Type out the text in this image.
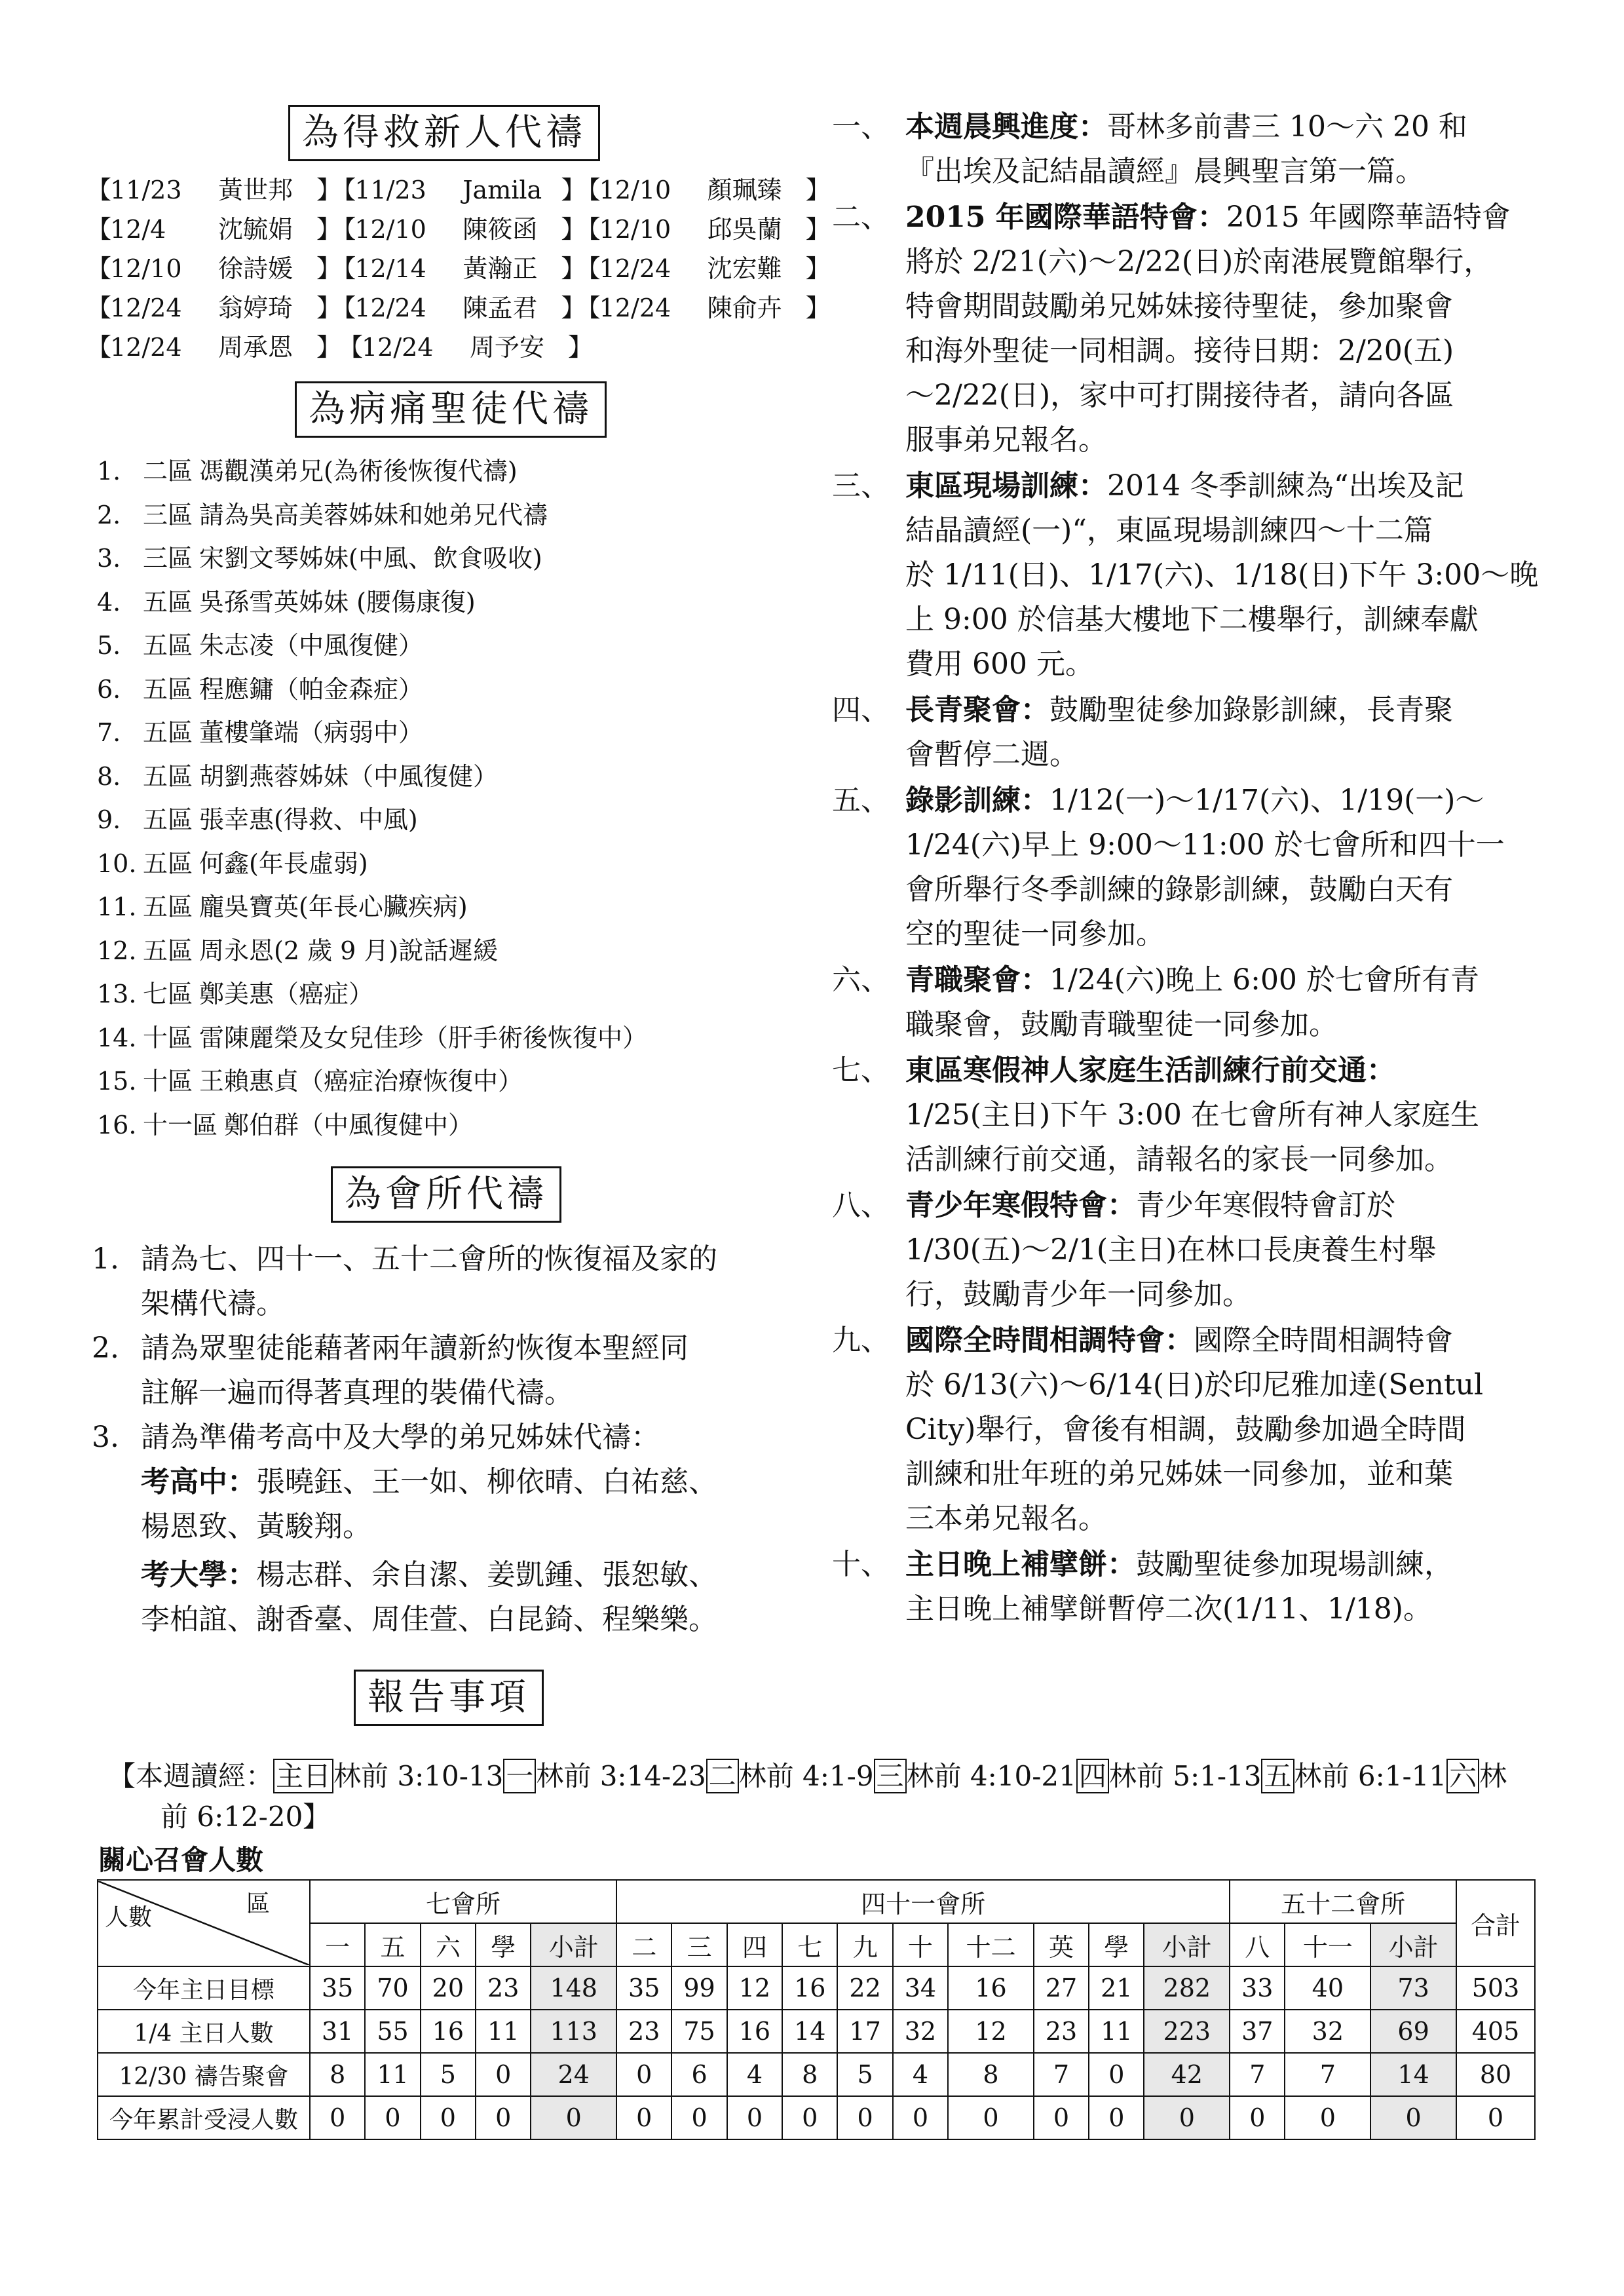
為得救新人代禱
【 11/23	黃世邦 】	【 11/23	Jamila 】	【 12/10	顏珮臻 】
【 12/4	沈毓娟 】	【 12/10	陳筱函 】	【 12/10	邱吳蘭 】
【 12/10	徐詩媛 】	【 12/14	黃瀚正 】	【 12/24	沈宏難 】
【 12/24	翁婷琦 】	【 12/24	陳孟君 】	【 12/24	陳俞卉 】
【 12/24	周承恩 】	【 12/24	周予安 】
為病痛聖徒代禱
1. 二區 馮觀漢弟兄(為術後恢復代禱)
2. 三區 請為吳高美蓉姊妹和她弟兄代禱
3. 三區 宋劉文琴姊妹(中風、飲食吸收)
4. 五區 吳孫雪英姊妹 (腰傷康復)
5. 五區 朱志凌（中風復健）
6. 五區 程應鏞（帕金森症）
7. 五區 董樓肇端（病弱中）
8. 五區 胡劉燕蓉姊妹（中風復健）
9. 五區 張幸惠(得救、中風)
10. 五區 何鑫(年長虛弱)
11. 五區 龐吳寶英(年長心臟疾病)
12. 五區 周永恩(2 歲 9 月)說話遲緩
13. 七區 鄭美惠（癌症）
14. 十區 雷陳麗榮及女兒佳珍（肝手術後恢復中）
15. 十區 王賴惠貞（癌症治療恢復中）
16. 十一區 鄭伯群（中風復健中）
為會所代禱
1. 請為七、四十一、五十二會所的恢復福及家的
架構代禱。
2. 請為眾聖徒能藉著兩年讀新約恢復本聖經同
註解一遍而得著真理的裝備代禱。
3. 請為準備考高中及大學的弟兄姊妹代禱：
考高中：張曉鈺、王一如、柳依晴、白祐慈、
楊恩致、黃駿翔。
考大學：楊志群、余自潔、姜凱鍾、張恕敏、
李柏誼、謝香臺、周佳萱、白昆錡、程樂樂。
報告事項
一、 本週晨興進度：哥林多前書三 10～六 20 和
『出埃及記結晶讀經』晨興聖言第一篇。
二、 2015 年國際華語特會：2015 年國際華語特會
將於 2/21(六)～2/22(日)於南港展覽館舉行，
特會期間鼓勵弟兄姊妹接待聖徒，參加聚會
和海外聖徒一同相調。接待日期：2/20(五)
～2/22(日)，家中可打開接待者，請向各區
服事弟兄報名。
三、 東區現場訓練：2014 冬季訓練為“出埃及記
結晶讀經(一)“，東區現場訓練四～十二篇
於 1/11(日)、1/17(六)、1/18(日)下午 3:00～晚
上 9:00 於信基大樓地下二樓舉行，訓練奉獻
費用 600 元。
四、 長青聚會：鼓勵聖徒參加錄影訓練，長青聚
會暫停二週。
五、 錄影訓練：1/12(一)～1/17(六)、1/19(一)～
1/24(六)早上 9:00～11:00 於七會所和四十一
會所舉行冬季訓練的錄影訓練，鼓勵白天有
空的聖徒一同參加。
六、 青職聚會：1/24(六)晚上 6:00 於七會所有青
職聚會，鼓勵青職聖徒一同參加。
七、 東區寒假神人家庭生活訓練行前交通：
1/25(主日)下午 3:00 在七會所有神人家庭生
活訓練行前交通，請報名的家長一同參加。
八、 青少年寒假特會：青少年寒假特會訂於
1/30(五)～2/1(主日)在林口長庚養生村舉
行，鼓勵青少年一同參加。
九、 國際全時間相調特會：國際全時間相調特會
於 6/13(六)～6/14(日)於印尼雅加達(Sentul
City)舉行，會後有相調，鼓勵參加過全時間
訓練和壯年班的弟兄姊妹一同參加，並和葉
三本弟兄報名。
十、 主日晚上補擘餅：鼓勵聖徒參加現場訓練，
主日晚上補擘餅暫停二次(1/11、1/18)。
【本週讀經：主日林前 3:10-13一林前 3:14-23二林前 4:1-9三林前 4:10-21四林前 5:1-13五林前 6:1-11六林
前 6:12-20】
關心召會人數
區
人數	七會所					四十一會所										五十二會所			合計
	一	五	六	學	小計	二	三	四	七	九	十	十二	英	學	小計	八	十一	小計	
今年主日目標	35	70	20	23	148	35	99	12	16	22	34	16	27	21	282	33	40	73	503
1/4 主日人數	31	55	16	11	113	23	75	16	14	17	32	12	23	11	223	37	32	69	405
12/30 禱告聚會	8	11	5	0	24	0	6	4	8	5	4	8	7	0	42	7	7	14	80
今年累計受浸人數	0	0	0	0	0	0	0	0	0	0	0	0	0	0	0	0	0	0	0
